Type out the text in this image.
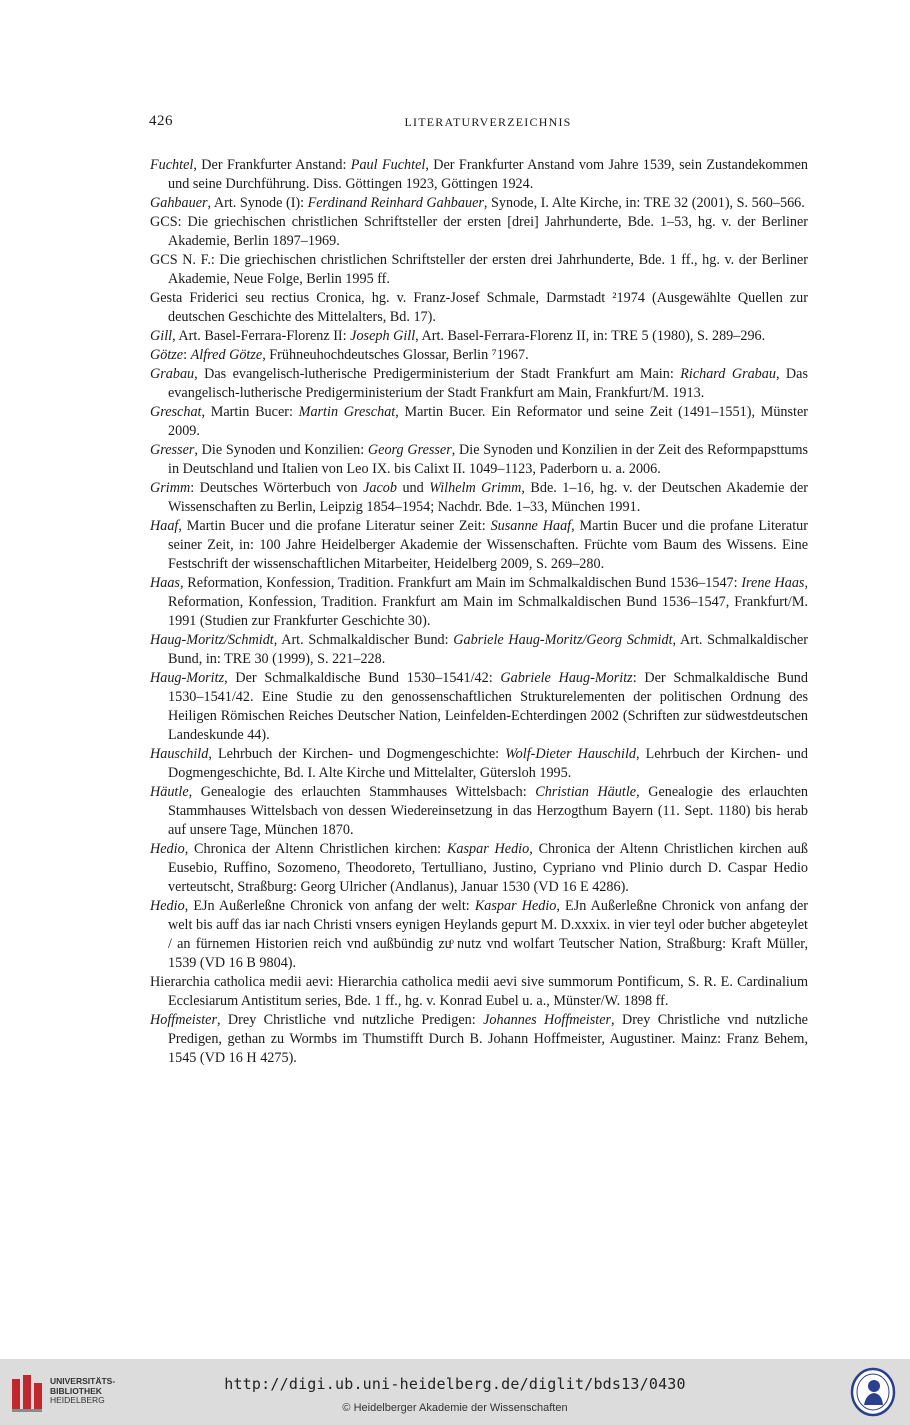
426	LITERATURVERZEICHNIS

Fuchtel, Der Frankfurter Anstand: Paul Fuchtel, Der Frankfurter Anstand vom Jahre 1539, sein Zustandekommen und seine Durchführung. Diss. Göttingen 1923, Göttingen 1924.

Gahbauer, Art. Synode (I): Ferdinand Reinhard Gahbauer, Synode, I. Alte Kirche, in: TRE 32 (2001), S. 560–566.

GCS: Die griechischen christlichen Schriftsteller der ersten [drei] Jahrhunderte, Bde. 1–53, hg. v. der Berliner Akademie, Berlin 1897–1969.

GCS N. F.: Die griechischen christlichen Schriftsteller der ersten drei Jahrhunderte, Bde. 1 ff., hg. v. der Berliner Akademie, Neue Folge, Berlin 1995 ff.

Gesta Friderici seu rectius Cronica, hg. v. Franz-Josef Schmale, Darmstadt ²1974 (Ausgewählte Quellen zur deutschen Geschichte des Mittelalters, Bd. 17).

Gill, Art. Basel-Ferrara-Florenz II: Joseph Gill, Art. Basel-Ferrara-Florenz II, in: TRE 5 (1980), S. 289–296.

Götze: Alfred Götze, Frühneuhochdeutsches Glossar, Berlin ⁷1967.

Grabau, Das evangelisch-lutherische Predigerministerium der Stadt Frankfurt am Main: Richard Grabau, Das evangelisch-lutherische Predigerministerium der Stadt Frankfurt am Main, Frankfurt/M. 1913.

Greschat, Martin Bucer: Martin Greschat, Martin Bucer. Ein Reformator und seine Zeit (1491–1551), Münster 2009.

Gresser, Die Synoden und Konzilien: Georg Gresser, Die Synoden und Konzilien in der Zeit des Reformpapsttums in Deutschland und Italien von Leo IX. bis Calixt II. 1049–1123, Paderborn u. a. 2006.

Grimm: Deutsches Wörterbuch von Jacob und Wilhelm Grimm, Bde. 1–16, hg. v. der Deutschen Akademie der Wissenschaften zu Berlin, Leipzig 1854–1954; Nachdr. Bde. 1–33, München 1991.

Haaf, Martin Bucer und die profane Literatur seiner Zeit: Susanne Haaf, Martin Bucer und die profane Literatur seiner Zeit, in: 100 Jahre Heidelberger Akademie der Wissenschaften. Früchte vom Baum des Wissens. Eine Festschrift der wissenschaftlichen Mitarbeiter, Heidelberg 2009, S. 269–280.

Haas, Reformation, Konfession, Tradition. Frankfurt am Main im Schmalkaldischen Bund 1536–1547: Irene Haas, Reformation, Konfession, Tradition. Frankfurt am Main im Schmalkaldischen Bund 1536–1547, Frankfurt/M. 1991 (Studien zur Frankfurter Geschichte 30).

Haug-Moritz/Schmidt, Art. Schmalkaldischer Bund: Gabriele Haug-Moritz/Georg Schmidt, Art. Schmalkaldischer Bund, in: TRE 30 (1999), S. 221–228.

Haug-Moritz, Der Schmalkaldische Bund 1530–1541/42: Gabriele Haug-Moritz: Der Schmalkaldische Bund 1530–1541/42. Eine Studie zu den genossenschaftlichen Strukturelementen der politischen Ordnung des Heiligen Römischen Reiches Deutscher Nation, Leinfelden-Echterdingen 2002 (Schriften zur südwestdeutschen Landeskunde 44).

Hauschild, Lehrbuch der Kirchen- und Dogmengeschichte: Wolf-Dieter Hauschild, Lehrbuch der Kirchen- und Dogmengeschichte, Bd. I. Alte Kirche und Mittelalter, Gütersloh 1995.

Häutle, Genealogie des erlauchten Stammhauses Wittelsbach: Christian Häutle, Genealogie des erlauchten Stammhauses Wittelsbach von dessen Wiedereinsetzung in das Herzogthum Bayern (11. Sept. 1180) bis herab auf unsere Tage, München 1870.

Hedio, Chronica der Altenn Christlichen kirchen: Kaspar Hedio, Chronica der Altenn Christlichen kirchen auß Eusebio, Ruffino, Sozomeno, Theodoreto, Tertulliano, Justino, Cypriano vnd Plinio durch D. Caspar Hedio verteutscht, Straßburg: Georg Ulricher (Andlanus), Januar 1530 (VD 16 E 4286).

Hedio, EJn Außerleßne Chronick von anfang der welt: Kaspar Hedio, EJn Außerleßne Chronick von anfang der welt bis auff das iar nach Christi vnsers eynigen Heylands gepurt M. D.xxxix. in vier teyl oder buͦcher abgeteylet / an fürnemen Historien reich vnd außbündig zuͦ nutz vnd wolfart Teutscher Nation, Straßburg: Kraft Müller, 1539 (VD 16 B 9804).

Hierarchia catholica medii aevi: Hierarchia catholica medii aevi sive summorum Pontificum, S. R. E. Cardinalium Ecclesiarum Antistitum series, Bde. 1 ff., hg. v. Konrad Eubel u. a., Münster/W. 1898 ff.

Hoffmeister, Drey Christliche vnd nuͦtzliche Predigen: Johannes Hoffmeister, Drey Christliche vnd nuͦtzliche Predigen, gethan zu Wormbs im Thumstifft Durch B. Johann Hoffmeister, Augustiner. Mainz: Franz Behem, 1545 (VD 16 H 4275).

UNIVERSITÄTS-
BIBLIOTHEK
HEIDELBERG
http://digi.ub.uni-heidelberg.de/diglit/bds13/0430
© Heidelberger Akademie der Wissenschaften
